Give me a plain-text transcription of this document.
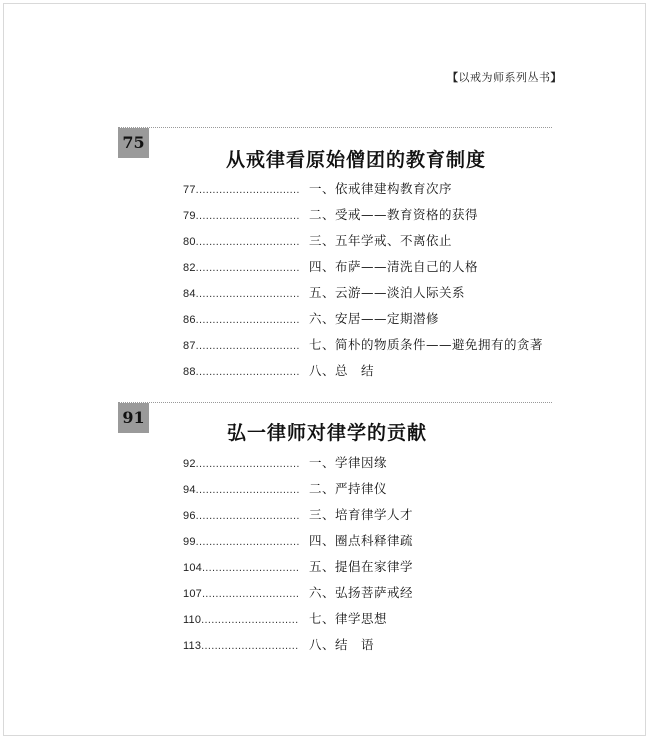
【以戒为师系列丛书】
75
从戒律看原始僧团的教育制度
77............................... 一、依戒律建构教育次序
79............................... 二、受戒——教育资格的获得
80............................... 三、五年学戒、不离依止
82............................... 四、布萨——清洗自己的人格
84............................... 五、云游——淡泊人际关系
86............................... 六、安居——定期潜修
87............................... 七、简朴的物质条件——避免拥有的贪著
88............................... 八、总　结
91
弘一律师对律学的贡献
92............................... 一、学律因缘
94............................... 二、严持律仪
96............................... 三、培育律学人才
99............................... 四、圈点科释律疏
104............................. 五、提倡在家律学
107............................. 六、弘扬菩萨戒经
110............................. 七、律学思想
113............................. 八、结　语
